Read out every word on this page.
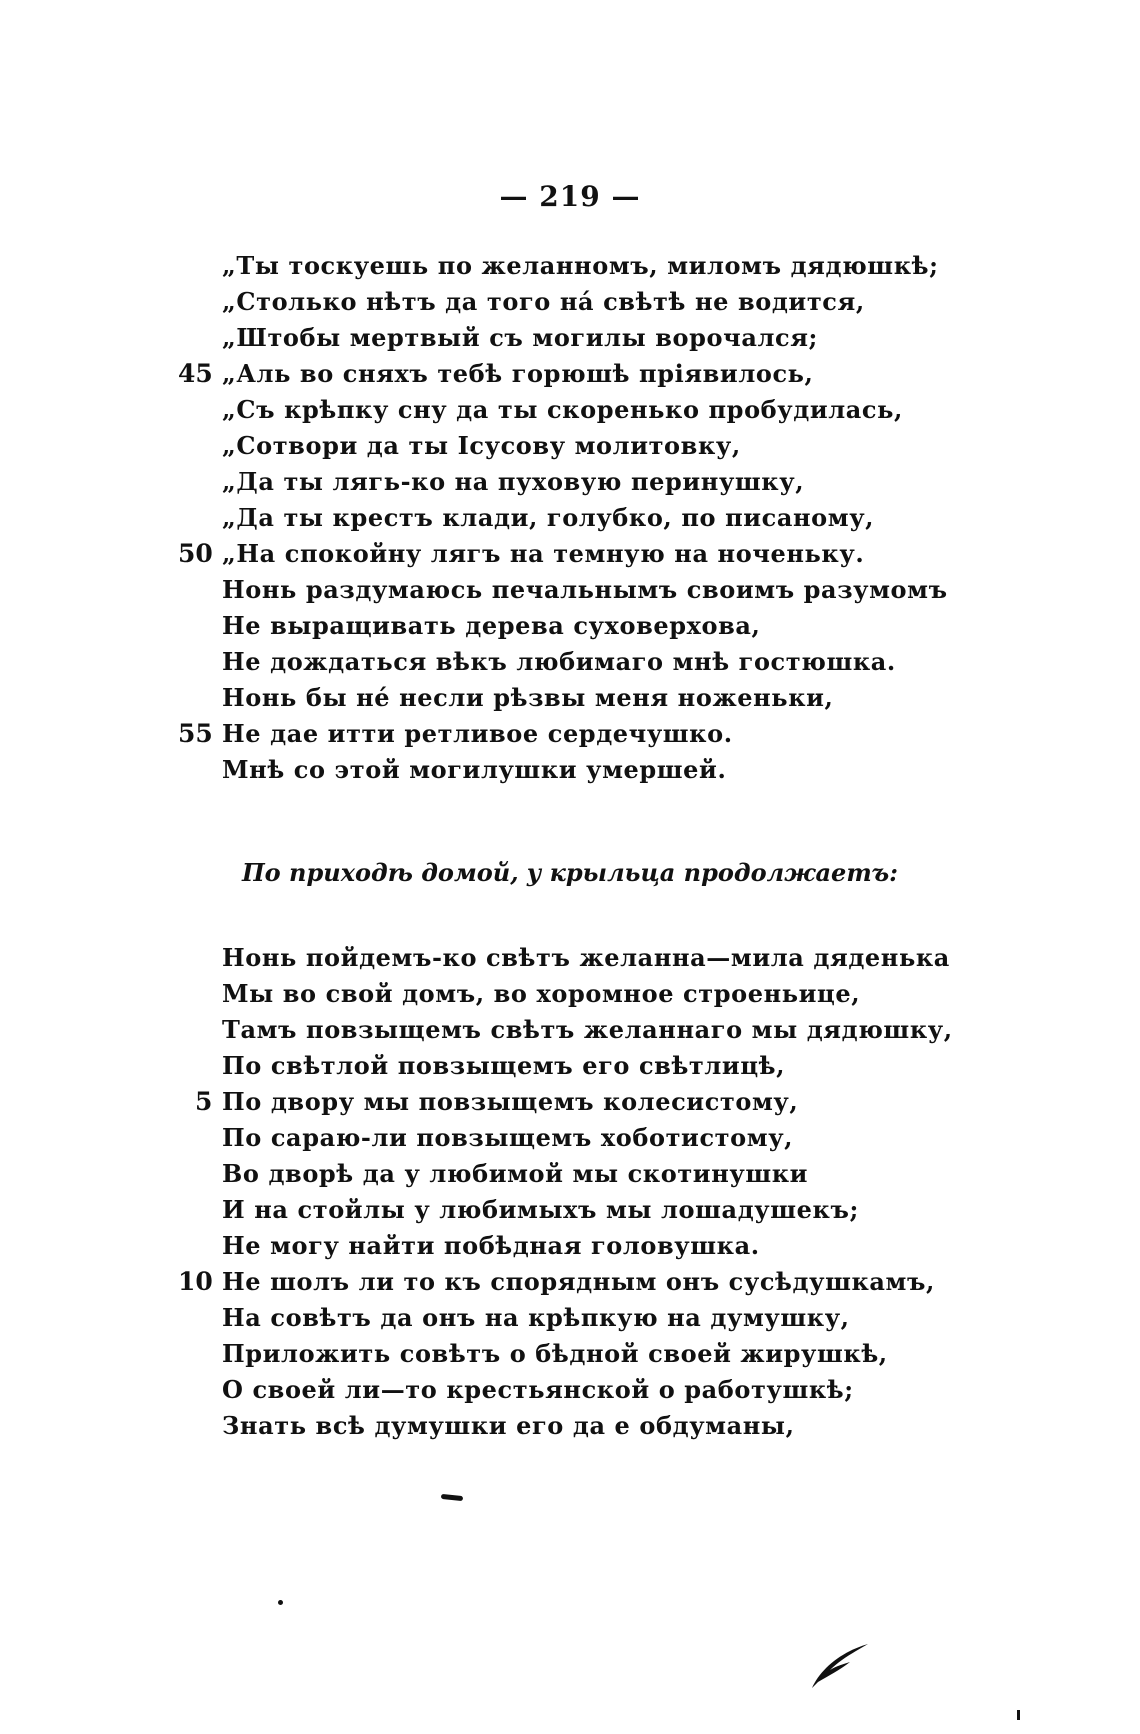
— 219 —
„Ты тоскуешь по желанномъ, миломъ дядюшкѣ;
„Столько нѣтъ да того на́ свѣтѣ не водится,
„Штобы мертвый съ могилы ворочался;
45 „Аль во сняхъ тебѣ горюшѣ пріявилось,
„Съ крѣпку сну да ты скоренько пробудилась,
„Сотвори да ты Ісусову молитовку,
„Да ты лягь-ко на пуховую перинушку,
„Да ты крестъ клади, голубко, по писаному,
50 „На спокойну лягъ на темную на ноченьку.
Нонь раздумаюсь печальнымъ своимъ разумомъ
Не выращивать дерева суховерхова,
Не дождаться вѣкъ любимаго мнѣ гостюшка.
Нонь бы не́ несли рѣзвы меня ноженьки,
55 Не дае итти ретливое сердечушко.
Мнѣ со этой могилушки умершей.
По приходѣ домой, у крыльца продолжаетъ:
Нонь пойдемъ-ко свѣтъ желанна—мила дяденька
Мы во свой домъ, во хоромное строеньице,
Тамъ повзыщемъ свѣтъ желаннаго мы дядюшку,
По свѣтлой повзыщемъ его свѣтлицѣ,
5 По двору мы повзыщемъ колесистому,
По сараю-ли повзыщемъ хоботистому,
Во дворѣ да у любимой мы скотинушки
И на стойлы у любимыхъ мы лошадушекъ;
Не могу найти побѣдная головушка.
10 Не шолъ ли то къ спорядным онъ сусѣдушкамъ,
На совѣтъ да онъ на крѣпкую на думушку,
Приложить совѣтъ о бѣдной своей жирушкѣ,
О своей ли—то крестьянской о работушкѣ;
Знать всѣ думушки его да е обдуманы,
